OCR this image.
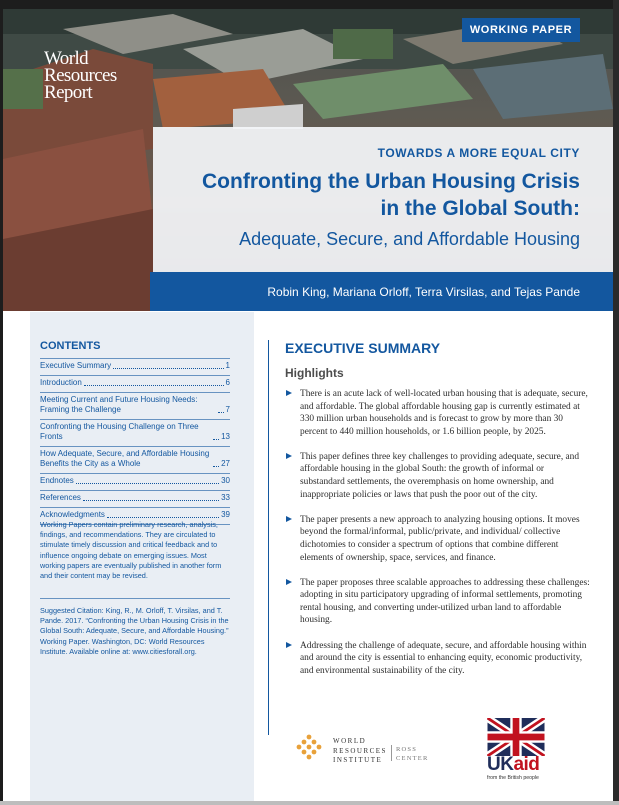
World
Resources
Report
WORKING PAPER
TOWARDS A MORE EQUAL CITY
Confronting the Urban Housing Crisis
in the Global South:
Adequate, Secure, and Affordable Housing
Robin King, Mariana Orloff, Terra Virsilas, and Tejas Pande
CONTENTS
Executive Summary	1
Introduction	6
Meeting Current and Future Housing Needs: Framing the Challenge	7
Confronting the Housing Challenge on Three Fronts	13
How Adequate, Secure, and Affordable Housing Benefits the City as a Whole	27
Endnotes	30
References	33
Acknowledgments	39
Working Papers contain preliminary research, analysis, findings, and recommendations. They are circulated to stimulate timely discussion and critical feedback and to influence ongoing debate on emerging issues. Most working papers are eventually published in another form and their content may be revised.
Suggested Citation: King, R., M. Orloff, T. Virsilas, and T. Pande. 2017. “Confronting the Urban Housing Crisis in the Global South: Adequate, Secure, and Affordable Housing.” Working Paper. Washington, DC: World Resources Institute. Available online at: www.citiesforall.org.
EXECUTIVE SUMMARY
Highlights
There is an acute lack of well-located urban housing that is adequate, secure, and affordable. The global affordable housing gap is currently estimated at 330 million urban households and is forecast to grow by more than 30 percent to 440 million households, or 1.6 billion people, by 2025.
This paper defines three key challenges to providing adequate, secure, and affordable housing in the global South: the growth of informal or substandard settlements, the overemphasis on home ownership, and inappropriate policies or laws that push the poor out of the city.
The paper presents a new approach to analyzing housing options. It moves beyond the formal/informal, public/private, and individual/ collective dichotomies to consider a spectrum of options that combine different elements of ownership, space, services, and finance.
The paper proposes three scalable approaches to addressing these challenges: adopting in situ participatory upgrading of informal settlements, promoting rental housing, and converting under-utilized urban land to affordable housing.
Addressing the challenge of adequate, secure, and affordable housing within and around the city is essential to enhancing equity, economic productivity, and environmental sustainability of the city.
WORLD
RESOURCES
INSTITUTE
ROSS
CENTER	UKaid
from the British people
